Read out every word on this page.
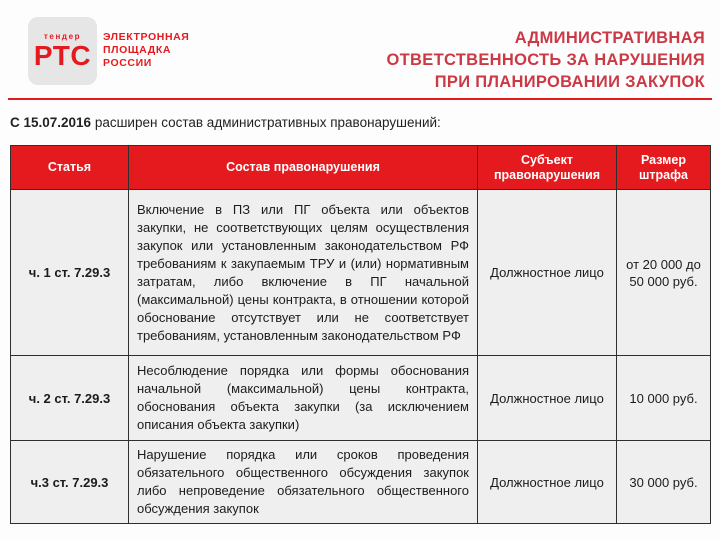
тендер
РТС
ЭЛЕКТРОННАЯ
ПЛОЩАДКА
РОССИИ
АДМИНИСТРАТИВНАЯ
ОТВЕТСТВЕННОСТЬ ЗА НАРУШЕНИЯ
ПРИ ПЛАНИРОВАНИИ ЗАКУПОК
С 15.07.2016 расширен состав административных правонарушений:
Статья	Состав правонарушения	Субъект правонарушения	Размер штрафа
ч. 1 ст. 7.29.3	Включение в ПЗ или ПГ объекта или объектов закупки, не соответствующих целям осуществления закупок или установленным законодательством РФ требованиям к закупаемым ТРУ и (или) нормативным затратам, либо включение в ПГ начальной (максимальной) цены контракта, в отношении которой обоснование отсутствует или не соответствует требованиям, установленным законодательством РФ	Должностное лицо	от 20 000 до 50 000 руб.
ч. 2 ст. 7.29.3	Несоблюдение порядка или формы обоснования начальной (максимальной) цены контракта, обоснования объекта закупки (за исключением описания объекта закупки)	Должностное лицо	10 000 руб.
ч.3 ст. 7.29.3	Нарушение порядка или сроков проведения обязательного общественного обсуждения закупок либо непроведение обязательного общественного обсуждения закупок	Должностное лицо	30 000 руб.
